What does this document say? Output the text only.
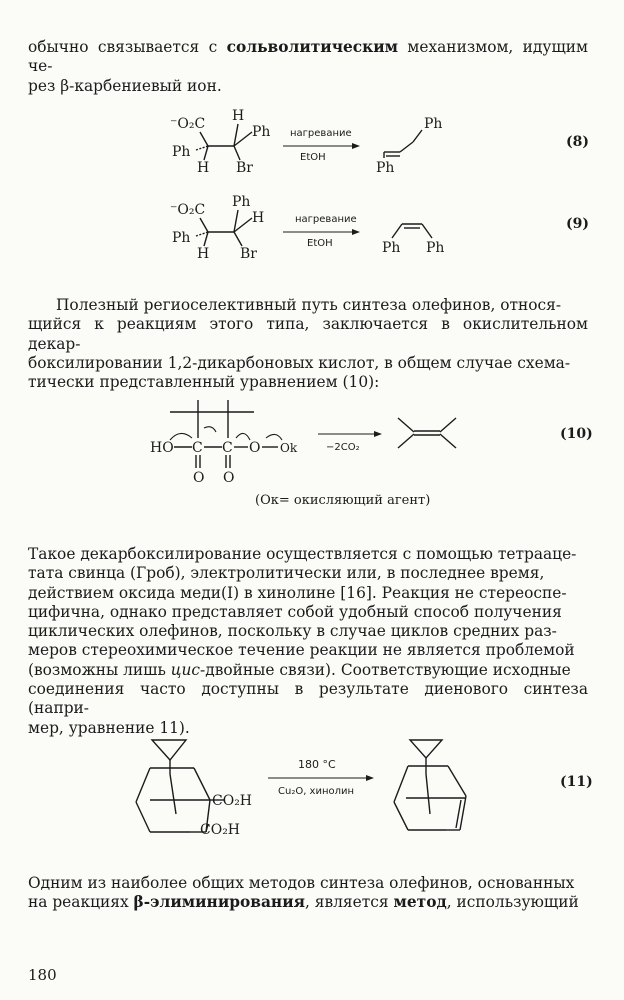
обычно связывается с сольволитическим механизмом, идущим че-
рез β-карбениевый ион.

⁻O₂C H
Ph
Ph
H Br
нагревание
EtOH
Ph
Ph
(8)
⁻O₂C Ph
H
Ph
H Br
нагревание
EtOH	Ph Ph
(9)

Полезный региоселективный путь синтеза олефинов, относя-
щийся к реакциям этого типа, заключается в окислительном декар-
боксилировании 1,2-дикарбоновых кислот, в общем случае схема-
тически представленный уравнением (10):

HO C C O Ok
O O
−2CO₂
(10)
(Ок= окисляющий агент)

Такое декарбоксилирование осуществляется с помощью тетрааце-
тата свинца (Гроб), электролитически или, в последнее время,
действием оксида меди(I) в хинолине [16]. Реакция не стереоспе-
цифична, однако представляет собой удобный способ получения
циклических олефинов, поскольку в случае циклов средних раз-
меров стереохимическое течение реакции не является проблемой
(возможны лишь цис-двойные связи). Соответствующие исходные
соединения часто доступны в результате диенового синтеза (напри-
мер, уравнение 11).

CO₂H
CO₂H
180 °C
Cu₂O, хинолин
(11)

Одним из наиболее общих методов синтеза олефинов, основанных
на реакциях β-элиминирования, является метод, использующий

180
